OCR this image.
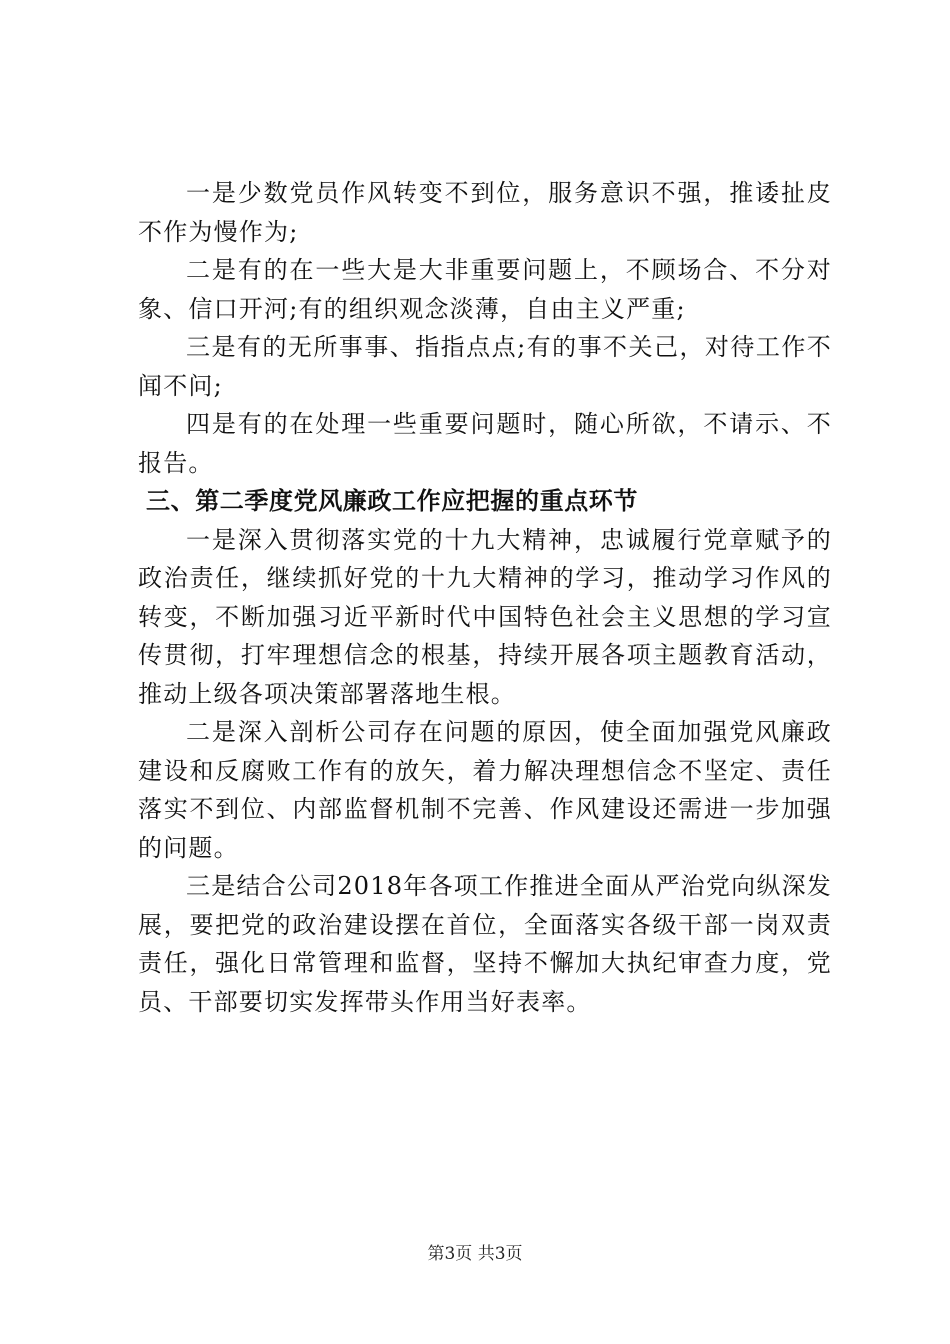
一是少数党员作风转变不到位，服务意识不强，推诿扯皮不作为慢作为;

二是有的在一些大是大非重要问题上，不顾场合、不分对象、信口开河;有的组织观念淡薄，自由主义严重;

三是有的无所事事、指指点点;有的事不关己，对待工作不闻不问;

四是有的在处理一些重要问题时，随心所欲，不请示、不报告。

三、第二季度党风廉政工作应把握的重点环节

一是深入贯彻落实党的十九大精神，忠诚履行党章赋予的政治责任，继续抓好党的十九大精神的学习，推动学习作风的转变，不断加强习近平新时代中国特色社会主义思想的学习宣传贯彻，打牢理想信念的根基，持续开展各项主题教育活动，推动上级各项决策部署落地生根。

二是深入剖析公司存在问题的原因，使全面加强党风廉政建设和反腐败工作有的放矢，着力解决理想信念不坚定、责任落实不到位、内部监督机制不完善、作风建设还需进一步加强的问题。

三是结合公司2018年各项工作推进全面从严治党向纵深发展，要把党的政治建设摆在首位，全面落实各级干部一岗双责责任，强化日常管理和监督，坚持不懈加大执纪审查力度，党员、干部要切实发挥带头作用当好表率。

第3页 共3页
